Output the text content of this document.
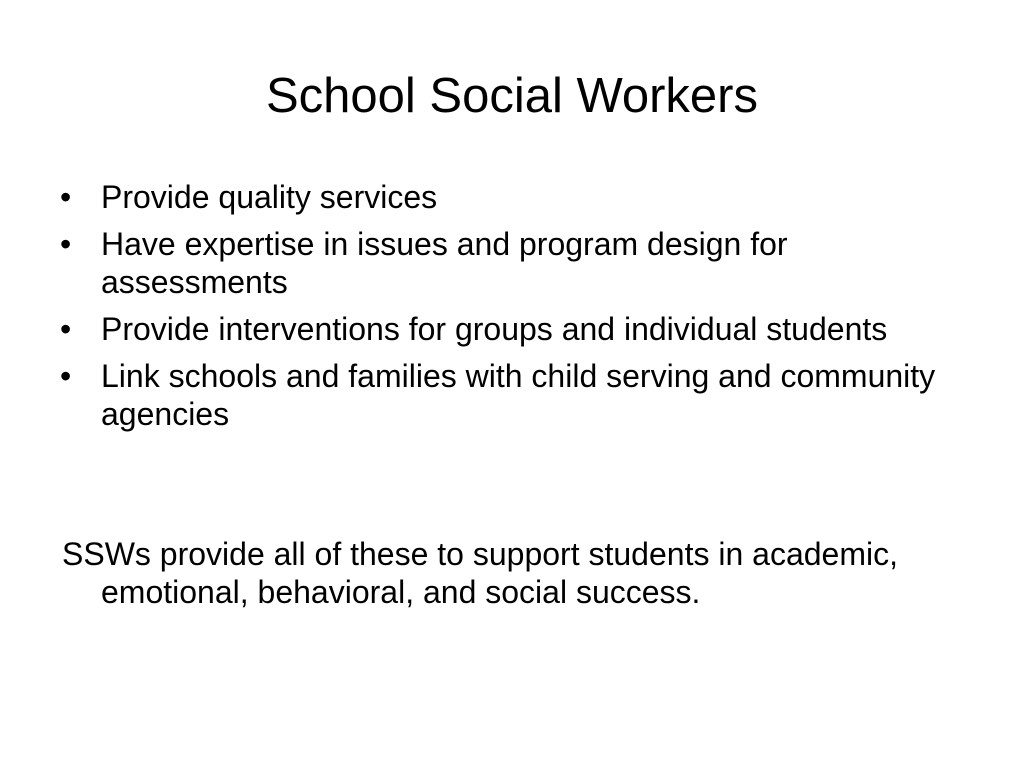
School Social Workers
• Provide quality services
• Have expertise in issues and program design for assessments
• Provide interventions for groups and individual students
• Link schools and families with child serving and community agencies

SSWs provide all of these to support students in academic, emotional, behavioral, and social success.
